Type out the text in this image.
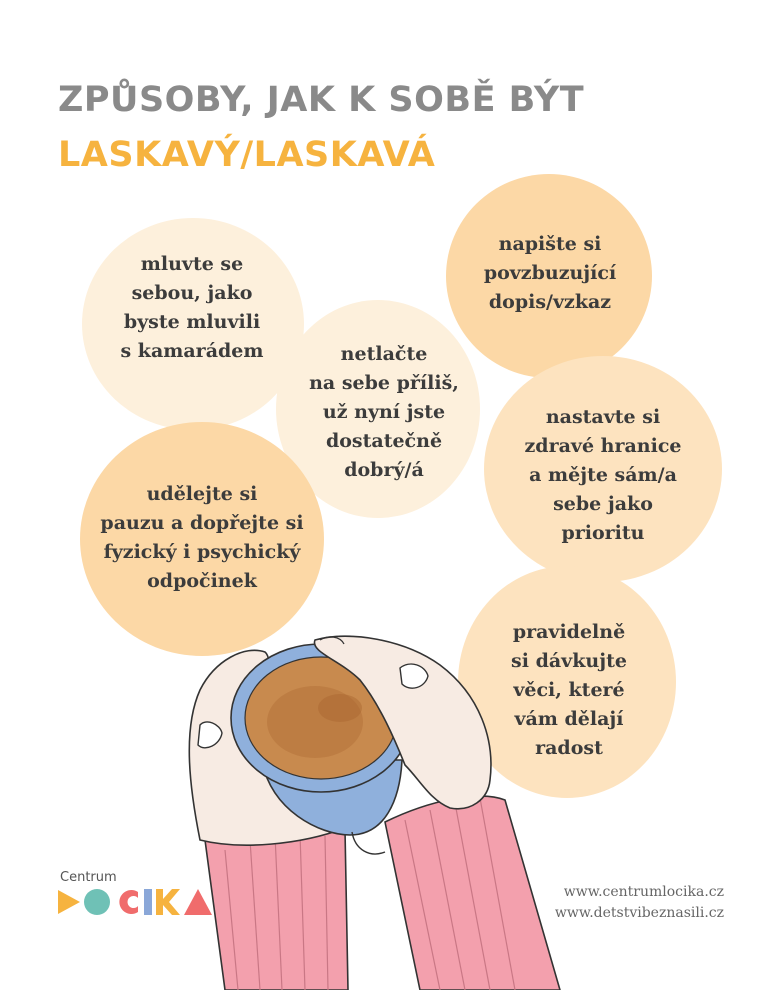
ZPŮSOBY, JAK K SOBĚ BÝT
LASKAVÝ/LASKAVÁ
mluvte se
sebou, jako
byste mluvili
s kamarádem
napište si
povzbuzující
dopis/vzkaz
netlačte
na sebe příliš,
už nyní jste
dostatečně
dobrý/á
nastavte si
zdravé hranice
a mějte sám/a
sebe jako
prioritu
udělejte si
pauzu a dopřejte si
fyzický i psychický
odpočinek
pravidelně
si dávkujte
věci, které
vám dělají
radost
Centrum
www.centrumlocika.cz
www.detstvibeznasili.cz
